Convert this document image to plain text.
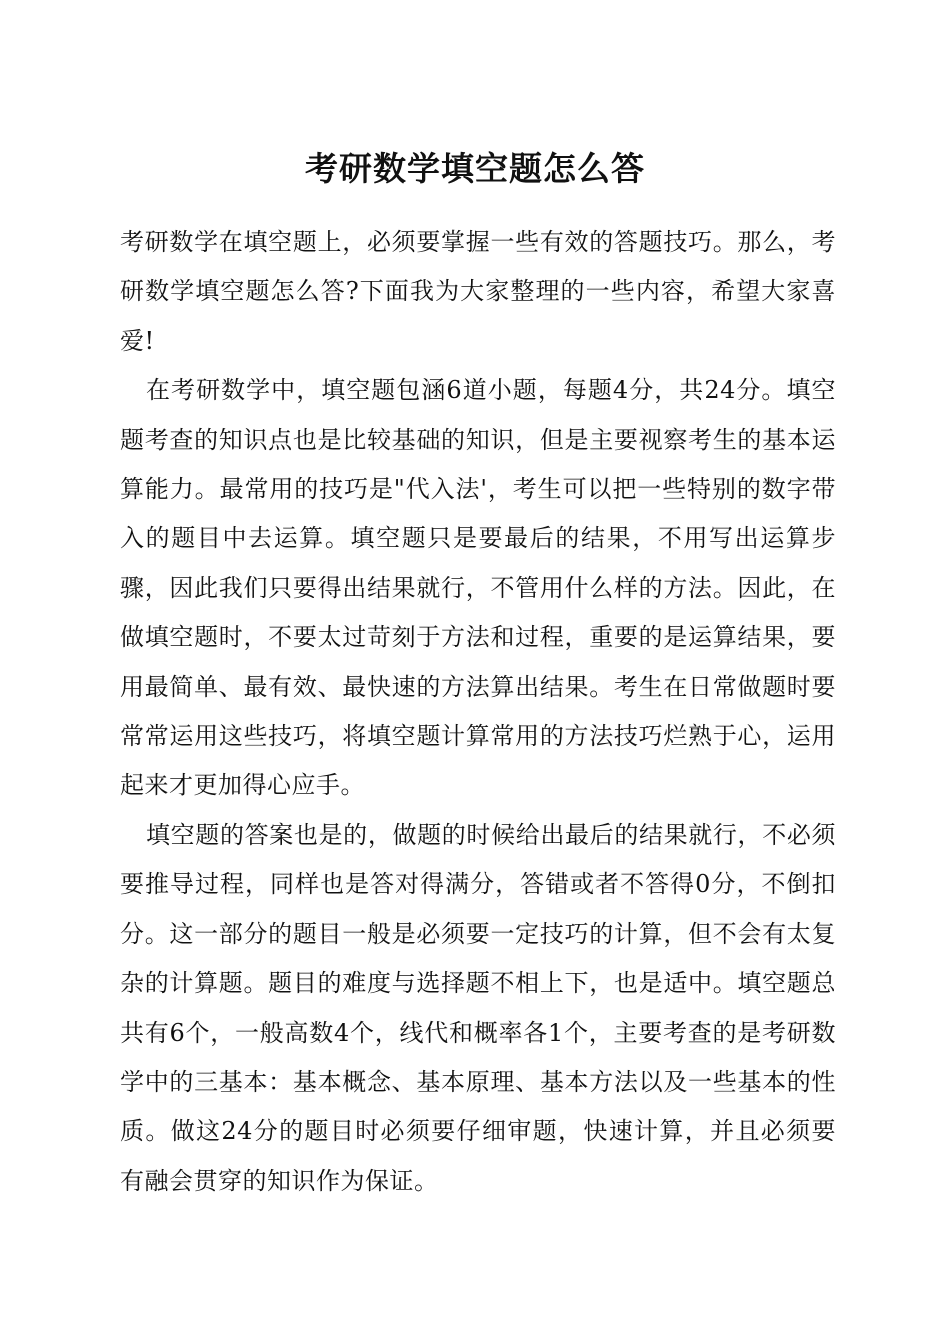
考研数学填空题怎么答

考研数学在填空题上，必须要掌握一些有效的答题技巧。那么，考研数学填空题怎么答?下面我为大家整理的一些内容，希望大家喜爱!

在考研数学中，填空题包涵6道小题，每题4分，共24分。填空题考查的知识点也是比较基础的知识，但是主要视察考生的基本运算能力。最常用的技巧是"代入法'，考生可以把一些特别的数字带入的题目中去运算。填空题只是要最后的结果，不用写出运算步骤，因此我们只要得出结果就行，不管用什么样的方法。因此，在做填空题时，不要太过苛刻于方法和过程，重要的是运算结果，要用最简单、最有效、最快速的方法算出结果。考生在日常做题时要常常运用这些技巧，将填空题计算常用的方法技巧烂熟于心，运用起来才更加得心应手。

填空题的答案也是的，做题的时候给出最后的结果就行，不必须要推导过程，同样也是答对得满分，答错或者不答得0分，不倒扣分。这一部分的题目一般是必须要一定技巧的计算，但不会有太复杂的计算题。题目的难度与选择题不相上下，也是适中。填空题总共有6个，一般高数4个，线代和概率各1个，主要考查的是考研数学中的三基本：基本概念、基本原理、基本方法以及一些基本的性质。做这24分的题目时必须要仔细审题，快速计算，并且必须要有融会贯穿的知识作为保证。
